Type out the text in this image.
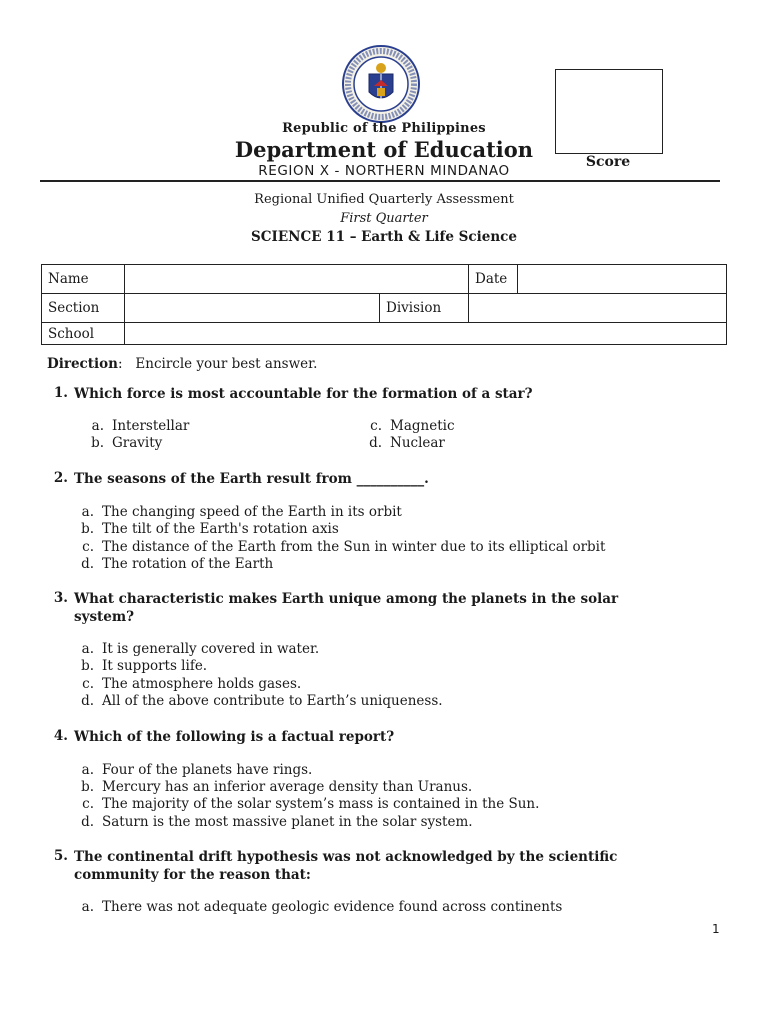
Republic of the Philippines
Department of Education
REGION X - NORTHERN MINDANAO
Score
Regional Unified Quarterly Assessment
First Quarter
SCIENCE 11 – Earth & Life Science
Name			Date	
Section		Division		
School				
Direction:   Encircle your best answer.
1. Which force is most accountable for the formation of a star?
a. Interstellar
b. Gravity
c. Magnetic
d. Nuclear
2. The seasons of the Earth result from __________.
a. The changing speed of the Earth in its orbit
b. The tilt of the Earth's rotation axis
c. The distance of the Earth from the Sun in winter due to its elliptical orbit
d. The rotation of the Earth
3. What characteristic makes Earth unique among the planets in the solar system?
a. It is generally covered in water.
b. It supports life.
c. The atmosphere holds gases.
d. All of the above contribute to Earth’s uniqueness.
4. Which of the following is a factual report?
a. Four of the planets have rings.
b. Mercury has an inferior average density than Uranus.
c. The majority of the solar system’s mass is contained in the Sun.
d. Saturn is the most massive planet in the solar system.
5. The continental drift hypothesis was not acknowledged by the scientific community for the reason that:
a. There was not adequate geologic evidence found across continents
1
